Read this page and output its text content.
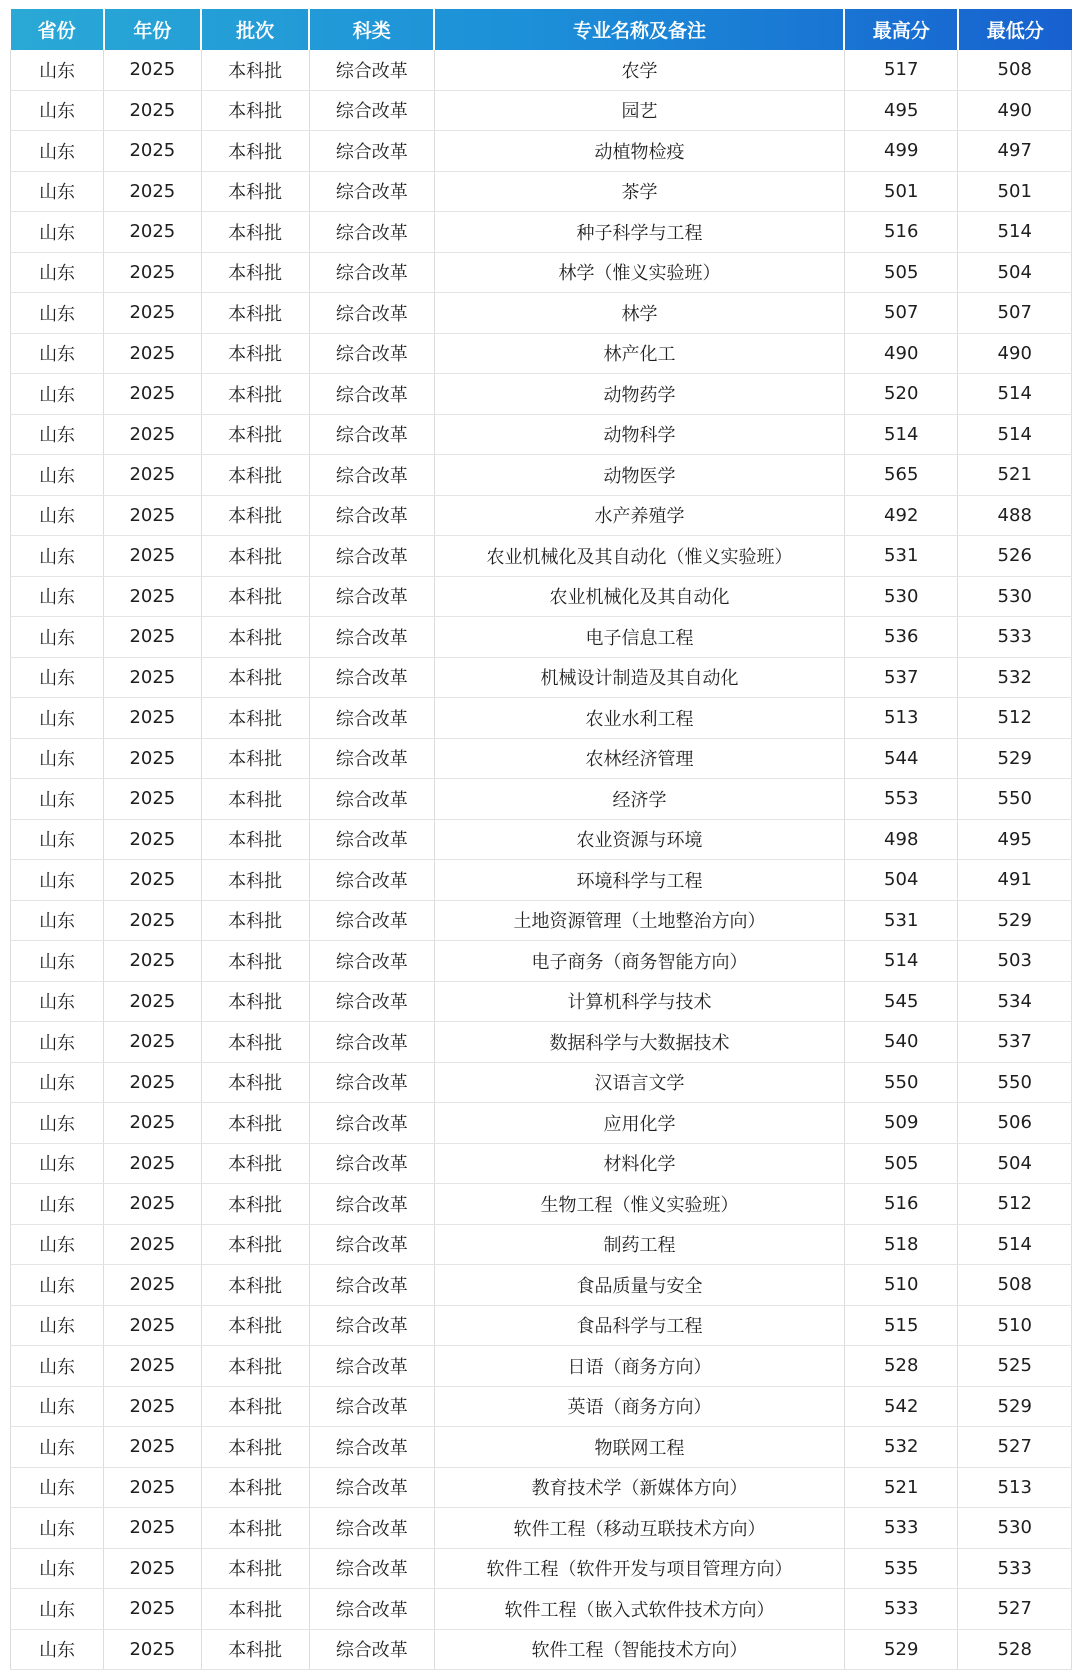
省份	年份	批次	科类	专业名称及备注	最高分	最低分
山东	2025	本科批	综合改革	农学	517	508
山东	2025	本科批	综合改革	园艺	495	490
山东	2025	本科批	综合改革	动植物检疫	499	497
山东	2025	本科批	综合改革	茶学	501	501
山东	2025	本科批	综合改革	种子科学与工程	516	514
山东	2025	本科批	综合改革	林学（惟义实验班）	505	504
山东	2025	本科批	综合改革	林学	507	507
山东	2025	本科批	综合改革	林产化工	490	490
山东	2025	本科批	综合改革	动物药学	520	514
山东	2025	本科批	综合改革	动物科学	514	514
山东	2025	本科批	综合改革	动物医学	565	521
山东	2025	本科批	综合改革	水产养殖学	492	488
山东	2025	本科批	综合改革	农业机械化及其自动化（惟义实验班）	531	526
山东	2025	本科批	综合改革	农业机械化及其自动化	530	530
山东	2025	本科批	综合改革	电子信息工程	536	533
山东	2025	本科批	综合改革	机械设计制造及其自动化	537	532
山东	2025	本科批	综合改革	农业水利工程	513	512
山东	2025	本科批	综合改革	农林经济管理	544	529
山东	2025	本科批	综合改革	经济学	553	550
山东	2025	本科批	综合改革	农业资源与环境	498	495
山东	2025	本科批	综合改革	环境科学与工程	504	491
山东	2025	本科批	综合改革	土地资源管理（土地整治方向）	531	529
山东	2025	本科批	综合改革	电子商务（商务智能方向）	514	503
山东	2025	本科批	综合改革	计算机科学与技术	545	534
山东	2025	本科批	综合改革	数据科学与大数据技术	540	537
山东	2025	本科批	综合改革	汉语言文学	550	550
山东	2025	本科批	综合改革	应用化学	509	506
山东	2025	本科批	综合改革	材料化学	505	504
山东	2025	本科批	综合改革	生物工程（惟义实验班）	516	512
山东	2025	本科批	综合改革	制药工程	518	514
山东	2025	本科批	综合改革	食品质量与安全	510	508
山东	2025	本科批	综合改革	食品科学与工程	515	510
山东	2025	本科批	综合改革	日语（商务方向）	528	525
山东	2025	本科批	综合改革	英语（商务方向）	542	529
山东	2025	本科批	综合改革	物联网工程	532	527
山东	2025	本科批	综合改革	教育技术学（新媒体方向）	521	513
山东	2025	本科批	综合改革	软件工程（移动互联技术方向）	533	530
山东	2025	本科批	综合改革	软件工程（软件开发与项目管理方向）	535	533
山东	2025	本科批	综合改革	软件工程（嵌入式软件技术方向）	533	527
山东	2025	本科批	综合改革	软件工程（智能技术方向）	529	528
